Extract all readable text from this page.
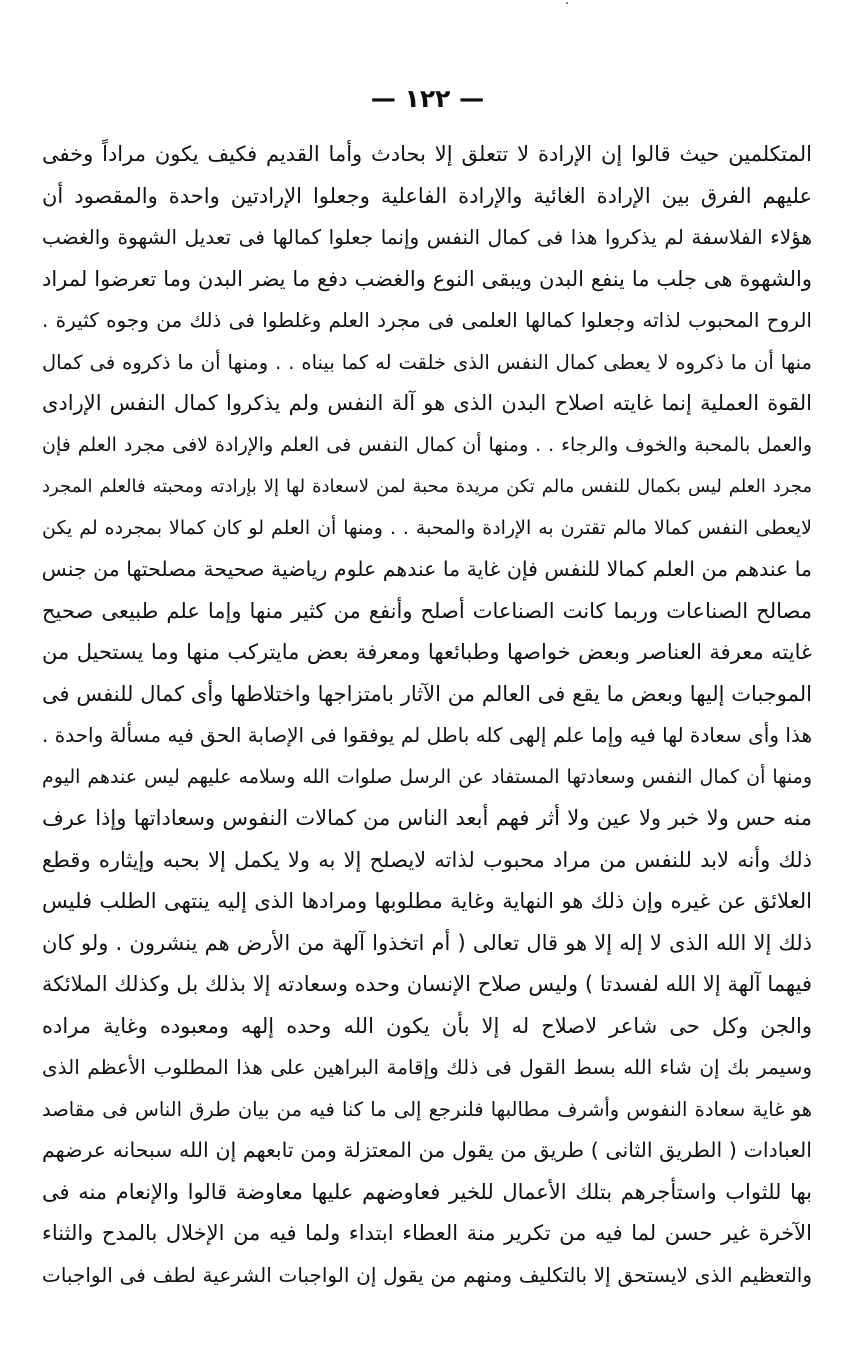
— ١٢٢ —
المتكلمين حيث قالوا إن الإرادة لا تتعلق إلا بحادث وأما القديم فكيف يكون مراداً وخفى
عليهم الفرق بين الإرادة الغائية والإرادة الفاعلية وجعلوا الإرادتين واحدة والمقصود أن
هؤلاء الفلاسفة لم يذكروا هذا فى كمال النفس وإنما جعلوا كمالها فى تعديل الشهوة والغضب
والشهوة هى جلب ما ينفع البدن ويبقى النوع والغضب دفع ما يضر البدن وما تعرضوا لمراد
الروح المحبوب لذاته وجعلوا كمالها العلمى فى مجرد العلم وغلطوا فى ذلك من وجوه كثيرة .
منها أن ما ذكروه لا يعطى كمال النفس الذى خلقت له كما بيناه . . ومنها أن ما ذكروه فى كمال
القوة العملية إنما غايته اصلاح البدن الذى هو آلة النفس ولم يذكروا كمال النفس الإرادى
والعمل بالمحبة والخوف والرجاء . . ومنها أن كمال النفس فى العلم والإرادة لافى مجرد العلم فإن
مجرد العلم ليس بكمال للنفس مالم تكن مريدة محبة لمن لاسعادة لها إلا بإرادته ومحبته فالعلم المجرد
لايعطى النفس كمالا مالم تقترن به الإرادة والمحبة . . ومنها أن العلم لو كان كمالا بمجرده لم يكن
ما عندهم من العلم كمالا للنفس فإن غاية ما عندهم علوم رياضية صحيحة مصلحتها من جنس
مصالح الصناعات وربما كانت الصناعات أصلح وأنفع من كثير منها وإما علم طبيعى صحيح
غايته معرفة العناصر وبعض خواصها وطبائعها ومعرفة بعض مايتركب منها وما يستحيل من
الموجبات إليها وبعض ما يقع فى العالم من الآثار بامتزاجها واختلاطها وأى كمال للنفس فى
هذا وأى سعادة لها فيه وإما علم إلهى كله باطل لم يوفقوا فى الإصابة الحق فيه مسألة واحدة .
ومنها أن كمال النفس وسعادتها المستفاد عن الرسل صلوات الله وسلامه عليهم ليس عندهم اليوم
منه حس ولا خبر ولا عين ولا أثر فهم أبعد الناس من كمالات النفوس وسعاداتها وإذا عرف
ذلك وأنه لابد للنفس من مراد محبوب لذاته لايصلح إلا به ولا يكمل إلا بحبه وإيثاره وقطع
العلائق عن غيره وإن ذلك هو النهاية وغاية مطلوبها ومرادها الذى إليه ينتهى الطلب فليس
ذلك إلا الله الذى لا إله إلا هو قال تعالى ( أم اتخذوا آلهة من الأرض هم ينشرون . ولو كان
فيهما آلهة إلا الله لفسدتا ) وليس صلاح الإنسان وحده وسعادته إلا بذلك بل وكذلك الملائكة
والجن وكل حى شاعر لاصلاح له إلا بأن يكون الله وحده إلهه ومعبوده وغاية مراده
وسيمر بك إن شاء الله بسط القول فى ذلك وإقامة البراهين على هذا المطلوب الأعظم الذى
هو غاية سعادة النفوس وأشرف مطالبها فلنرجع إلى ما كنا فيه من بيان طرق الناس فى مقاصد
العبادات ( الطريق الثانى ) طريق من يقول من المعتزلة ومن تابعهم إن الله سبحانه عرضهم
بها للثواب واستأجرهم بتلك الأعمال للخير فعاوضهم عليها معاوضة قالوا والإنعام منه فى
الآخرة غير حسن لما فيه من تكرير منة العطاء ابتداء ولما فيه من الإخلال بالمدح والثناء
والتعظيم الذى لايستحق إلا بالتكليف ومنهم من يقول إن الواجبات الشرعية لطف فى الواجبات
